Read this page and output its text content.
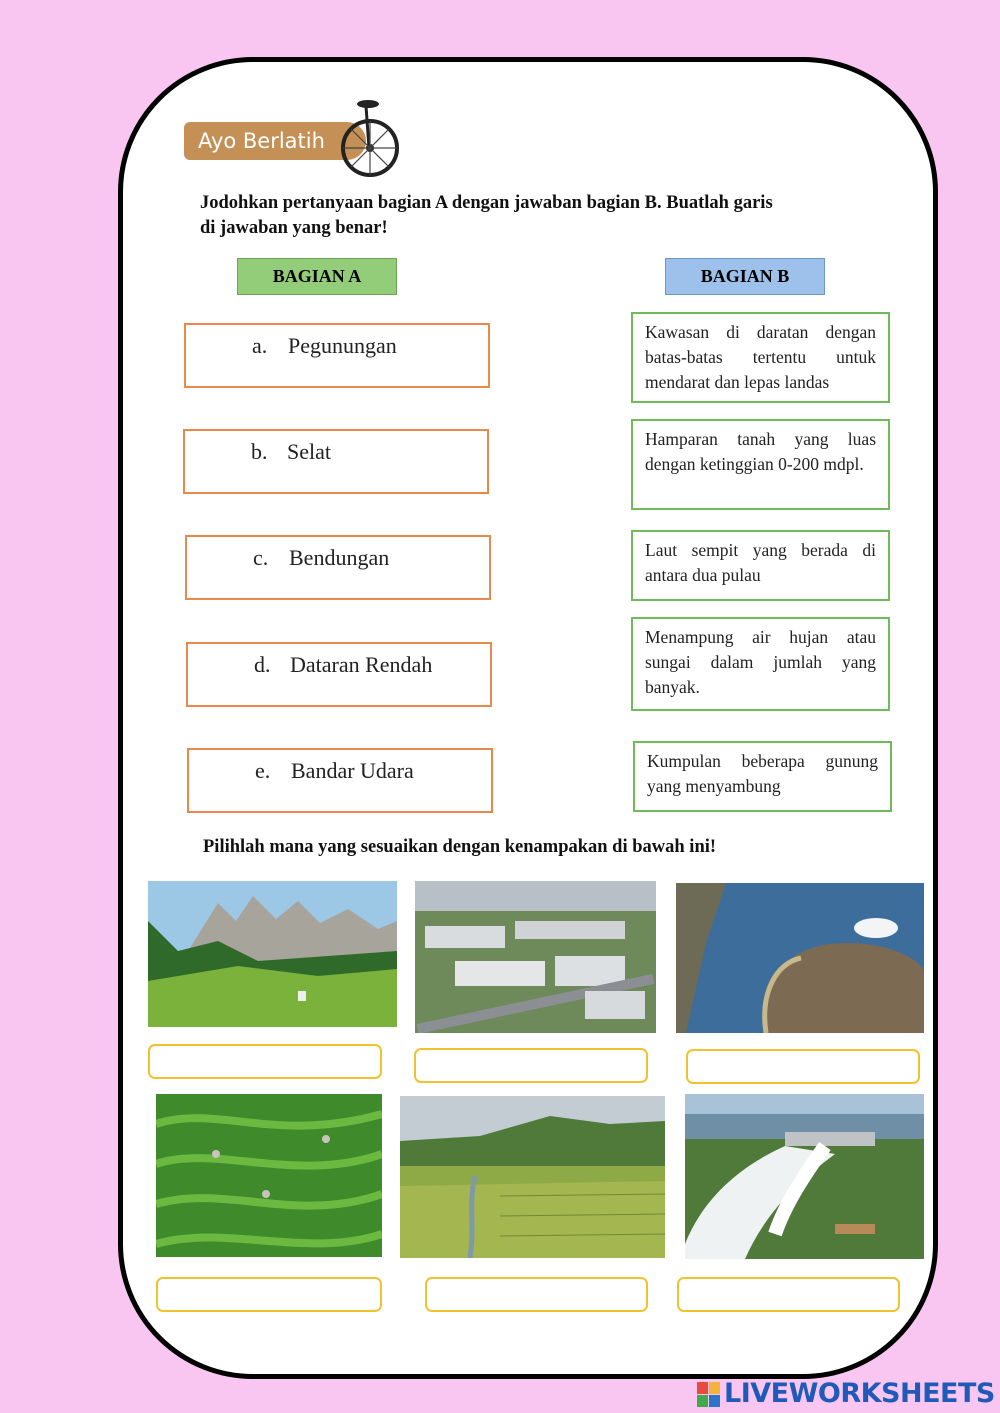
Ayo Berlatih
Jodohkan pertanyaan bagian A dengan jawaban bagian B. Buatlah garis
di jawaban yang benar!
BAGIAN A	BAGIAN B
a. Pegunungan
b. Selat
c. Bendungan
d. Dataran Rendah
e. Bandar Udara
Kawasan di daratan dengan batas-batas tertentu untuk mendarat dan lepas landas
Hamparan tanah yang luas dengan ketinggian 0-200 mdpl.
Laut sempit yang berada di antara dua pulau
Menampung air hujan atau sungai dalam jumlah yang banyak.
Kumpulan beberapa gunung yang menyambung
Pilihlah mana yang sesuaikan dengan kenampakan di bawah ini!
LIVEWORKSHEETS
